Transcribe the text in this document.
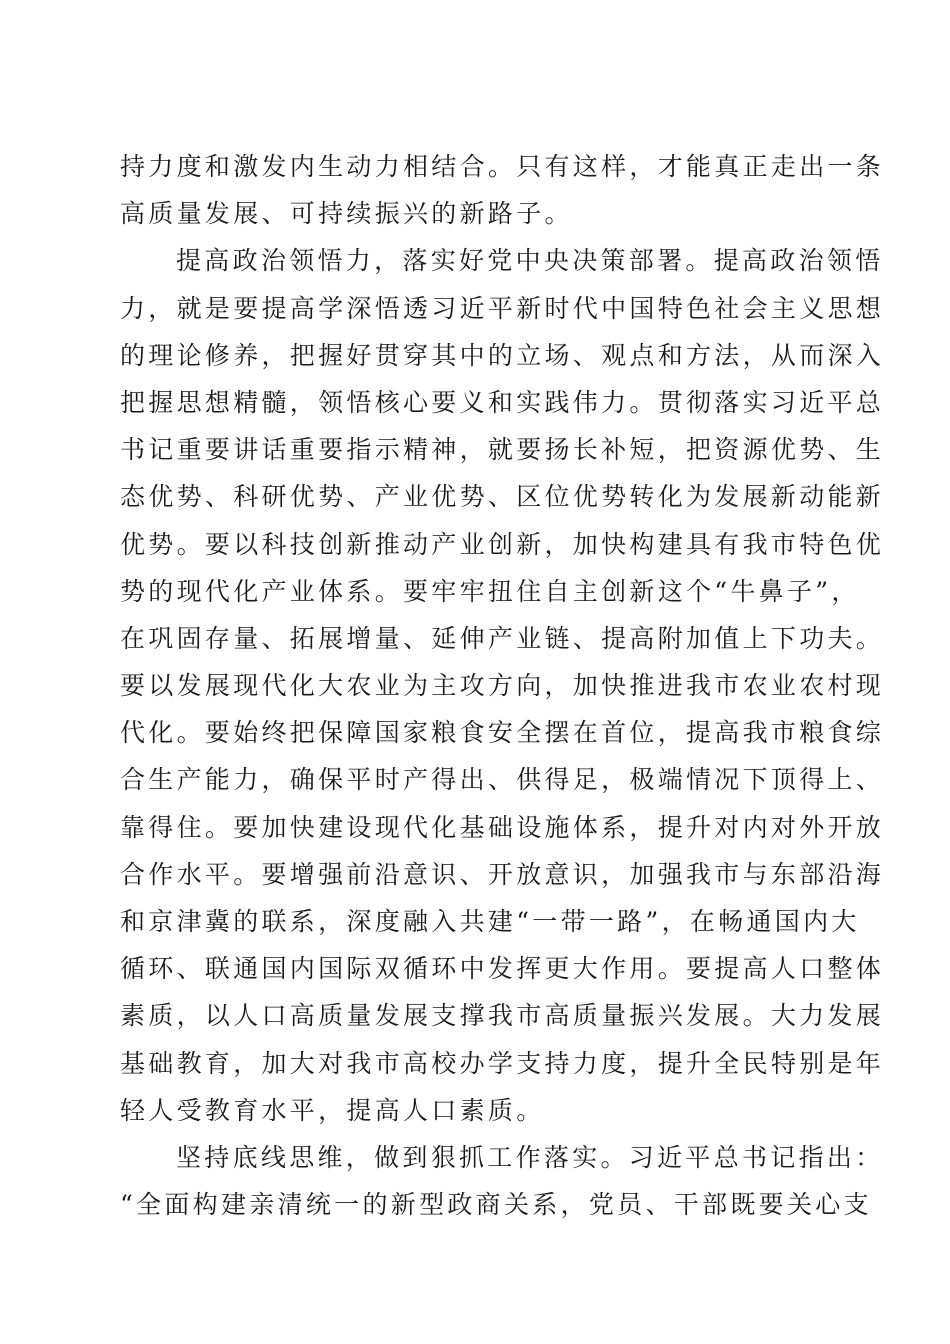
持力度和激发内生动力相结合。只有这样，才能真正走出一条
高质量发展、可持续振兴的新路子。
提高政治领悟力，落实好党中央决策部署。提高政治领悟
力，就是要提高学深悟透习近平新时代中国特色社会主义思想
的理论修养，把握好贯穿其中的立场、观点和方法，从而深入
把握思想精髓，领悟核心要义和实践伟力。贯彻落实习近平总
书记重要讲话重要指示精神，就要扬长补短，把资源优势、生
态优势、科研优势、产业优势、区位优势转化为发展新动能新
优势。要以科技创新推动产业创新，加快构建具有我市特色优
势的现代化产业体系。要牢牢扭住自主创新这个“牛鼻子”，
在巩固存量、拓展增量、延伸产业链、提高附加值上下功夫。
要以发展现代化大农业为主攻方向，加快推进我市农业农村现
代化。要始终把保障国家粮食安全摆在首位，提高我市粮食综
合生产能力，确保平时产得出、供得足，极端情况下顶得上、
靠得住。要加快建设现代化基础设施体系，提升对内对外开放
合作水平。要增强前沿意识、开放意识，加强我市与东部沿海
和京津冀的联系，深度融入共建“一带一路”，在畅通国内大
循环、联通国内国际双循环中发挥更大作用。要提高人口整体
素质，以人口高质量发展支撑我市高质量振兴发展。大力发展
基础教育，加大对我市高校办学支持力度，提升全民特别是年
轻人受教育水平，提高人口素质。
坚持底线思维，做到狠抓工作落实。习近平总书记指出：
“全面构建亲清统一的新型政商关系，党员、干部既要关心支
